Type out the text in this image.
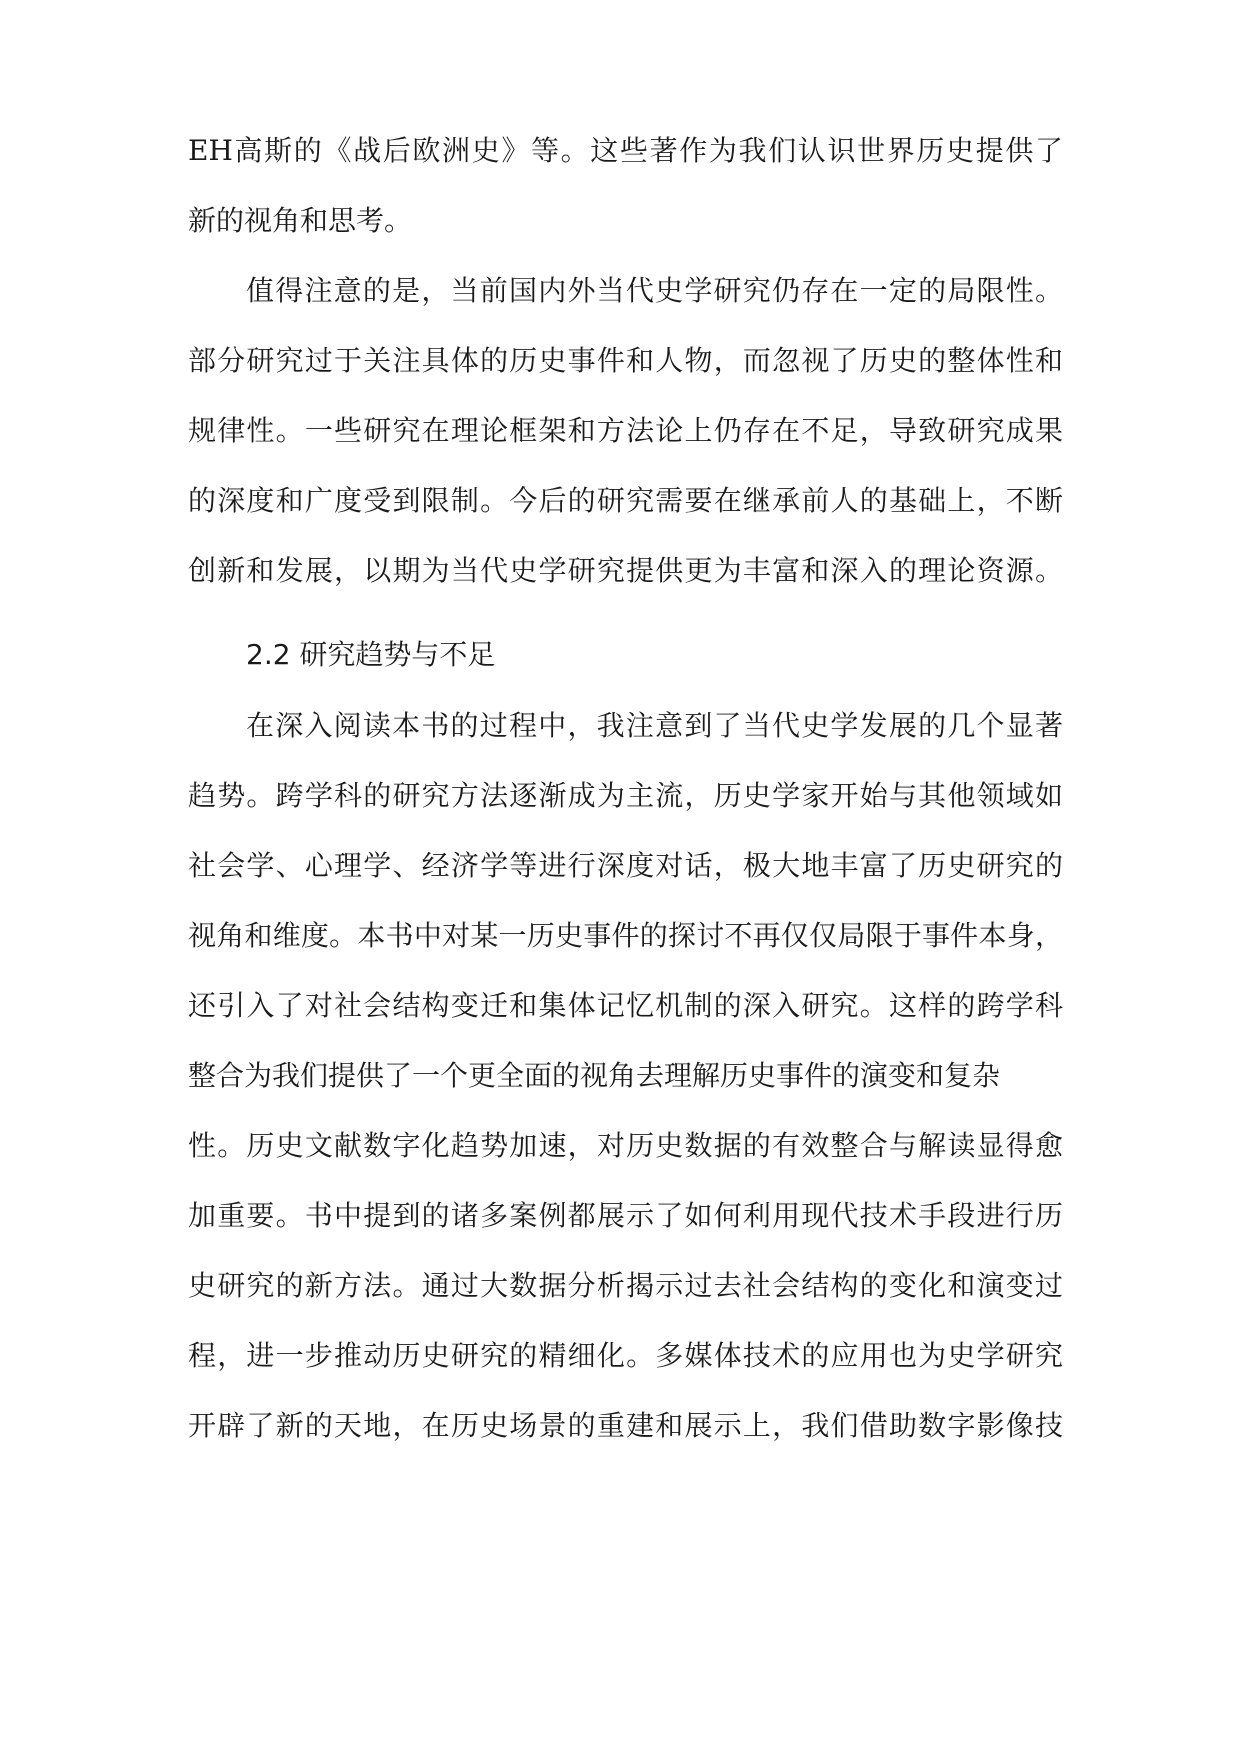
EH高斯的《战后欧洲史》等。这些著作为我们认识世界历史提供了
新的视角和思考。
值得注意的是，当前国内外当代史学研究仍存在一定的局限性。
部分研究过于关注具体的历史事件和人物，而忽视了历史的整体性和
规律性。一些研究在理论框架和方法论上仍存在不足，导致研究成果
的深度和广度受到限制。今后的研究需要在继承前人的基础上，不断
创新和发展，以期为当代史学研究提供更为丰富和深入的理论资源。
2.2 研究趋势与不足
在深入阅读本书的过程中，我注意到了当代史学发展的几个显著
趋势。跨学科的研究方法逐渐成为主流，历史学家开始与其他领域如
社会学、心理学、经济学等进行深度对话，极大地丰富了历史研究的
视角和维度。本书中对某一历史事件的探讨不再仅仅局限于事件本身，
还引入了对社会结构变迁和集体记忆机制的深入研究。这样的跨学科
整合为我们提供了一个更全面的视角去理解历史事件的演变和复杂
性。历史文献数字化趋势加速，对历史数据的有效整合与解读显得愈
加重要。书中提到的诸多案例都展示了如何利用现代技术手段进行历
史研究的新方法。通过大数据分析揭示过去社会结构的变化和演变过
程，进一步推动历史研究的精细化。多媒体技术的应用也为史学研究
开辟了新的天地，在历史场景的重建和展示上，我们借助数字影像技
